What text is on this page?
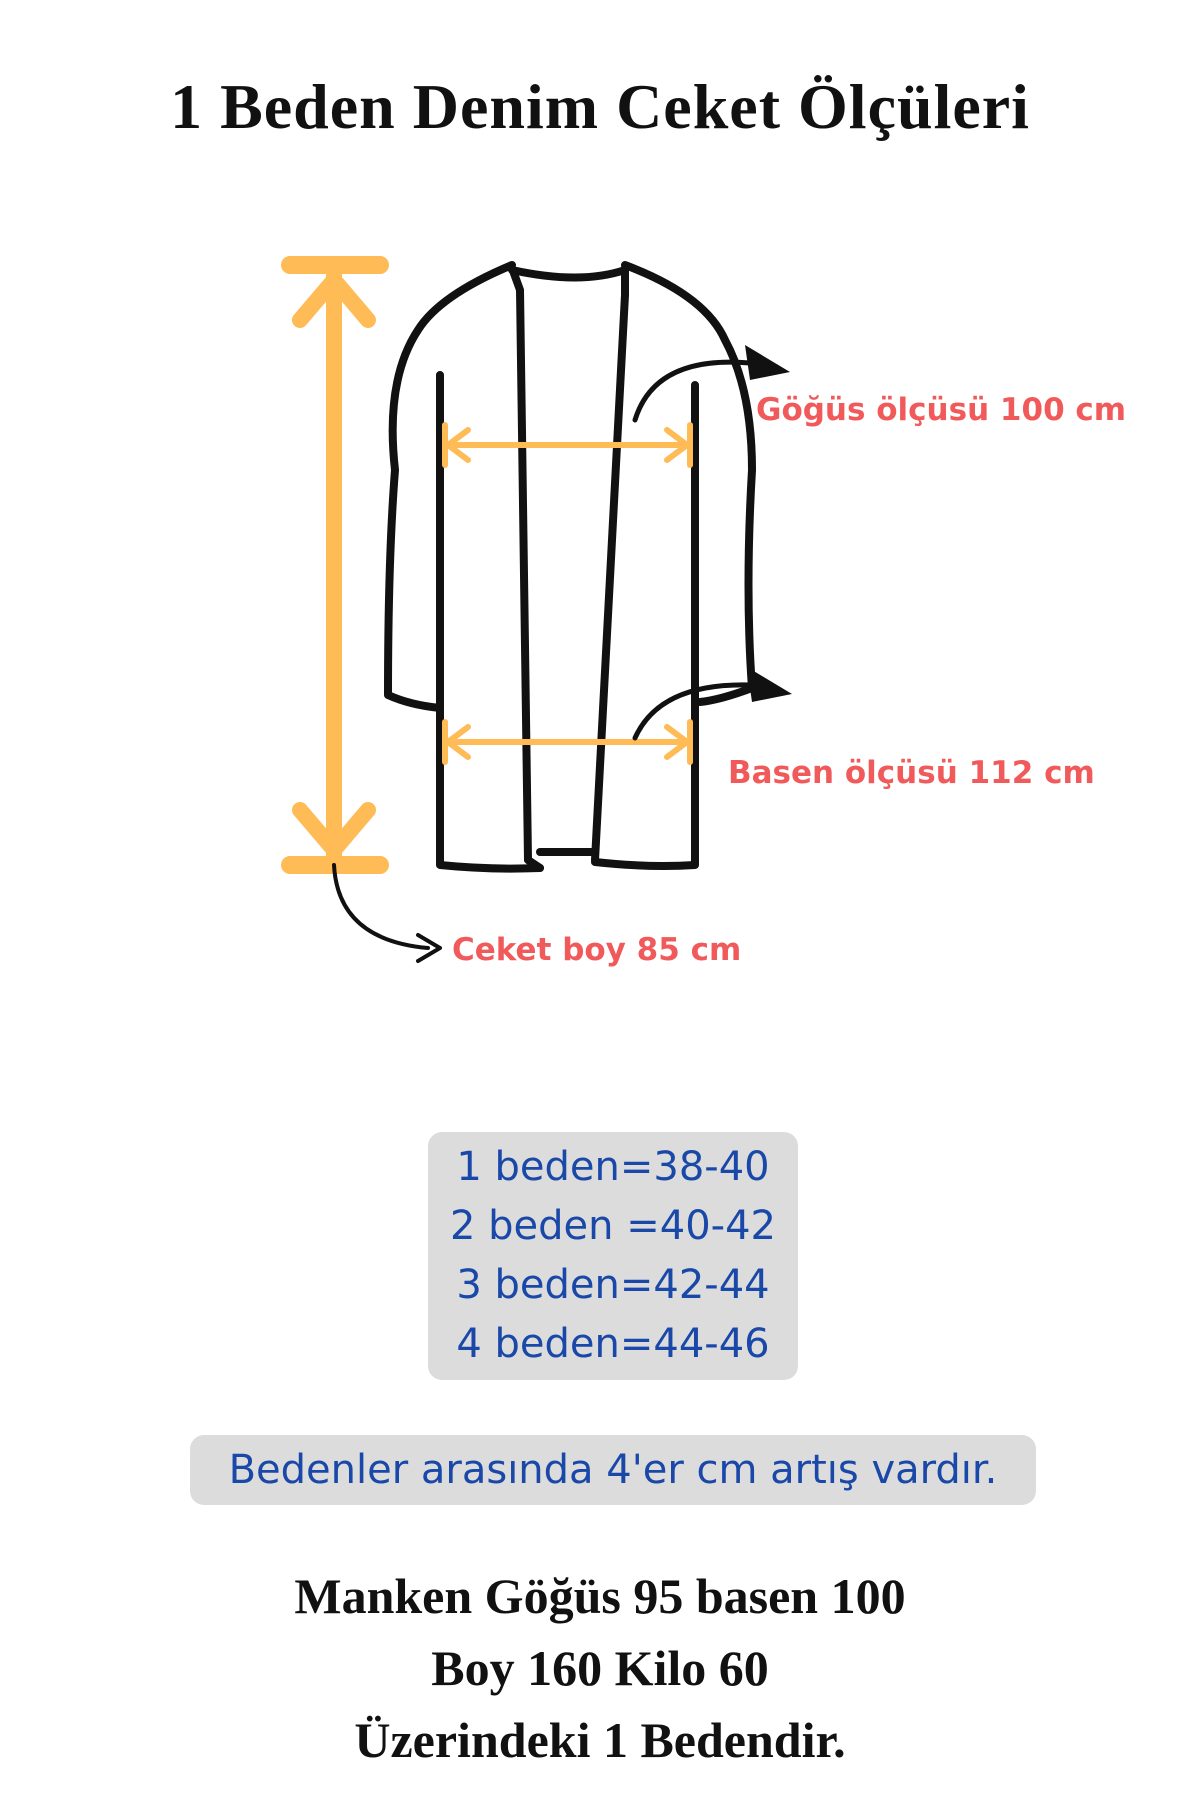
1 Beden Denim Ceket Ölçüleri
Göğüs ölçüsü 100 cm
Basen ölçüsü 112 cm
Ceket boy 85 cm
1 beden=38-40
2 beden =40-42
3 beden=42-44
4 beden=44-46
Bedenler arasında 4'er cm artış vardır.
Manken Göğüs 95 basen 100
Boy 160 Kilo 60
Üzerindeki 1 Bedendir.
